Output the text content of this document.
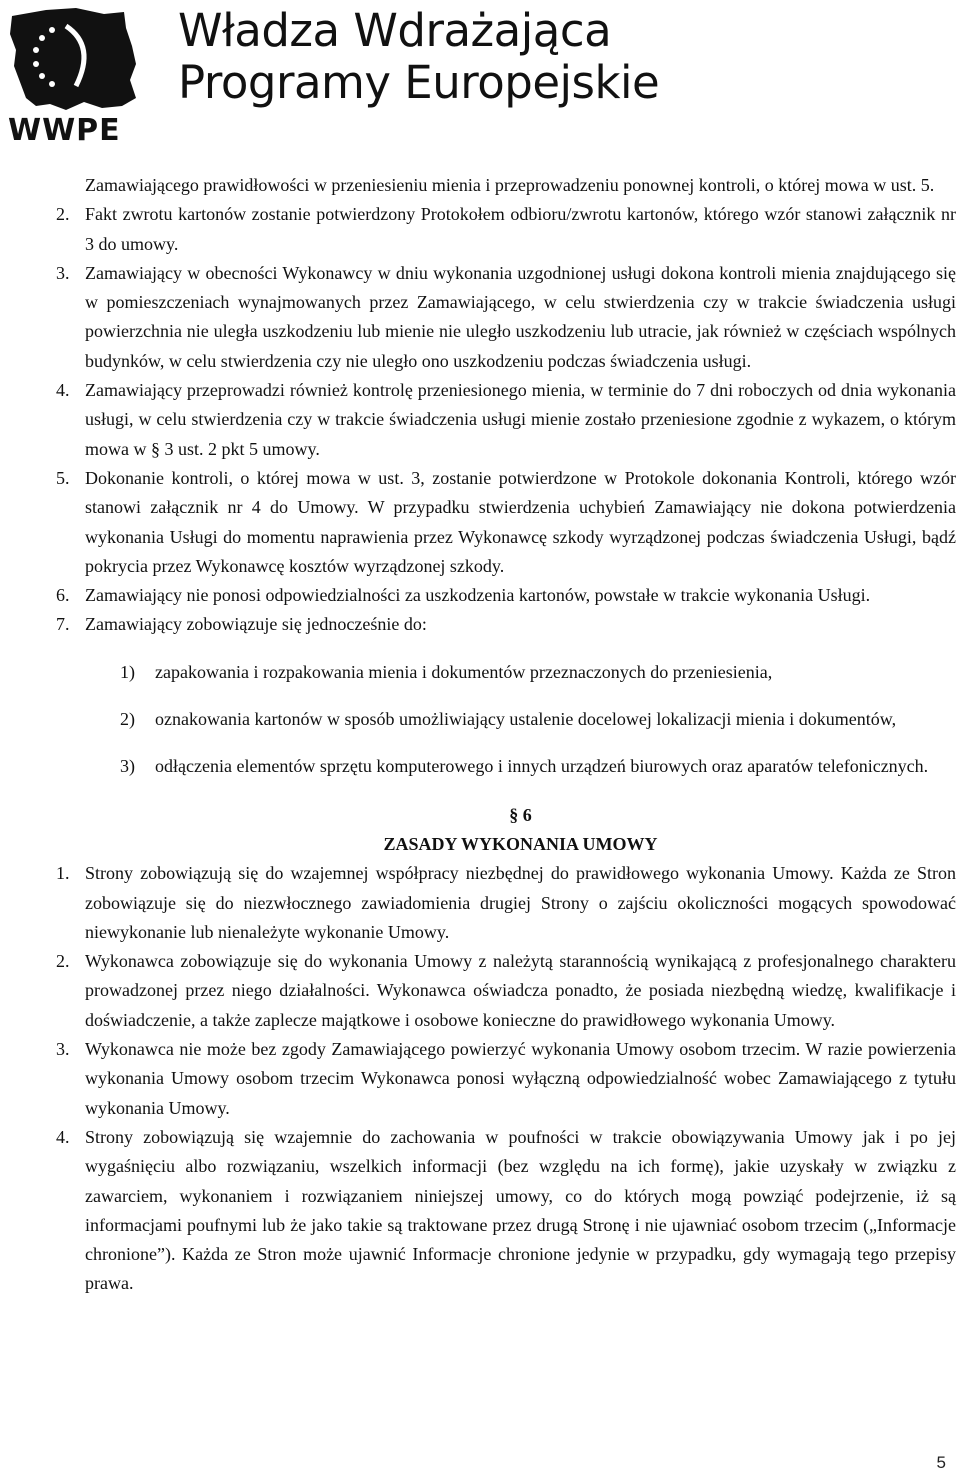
WWPE
Władza Wdrażająca
Programy Europejskie

Zamawiającego prawidłowości w przeniesieniu mienia i przeprowadzeniu ponownej kontroli, o której mowa w ust. 5.

2. Fakt zwrotu kartonów zostanie potwierdzony Protokołem odbioru/zwrotu kartonów, którego wzór stanowi załącznik nr 3 do umowy.

3. Zamawiający w obecności Wykonawcy w dniu wykonania uzgodnionej usługi dokona kontroli mienia znajdującego się w pomieszczeniach wynajmowanych przez Zamawiającego, w celu stwierdzenia czy w trakcie świadczenia usługi powierzchnia nie uległa uszkodzeniu lub mienie nie uległo uszkodzeniu lub utracie, jak również w częściach wspólnych budynków, w celu stwierdzenia czy nie uległo ono uszkodzeniu podczas świadczenia usługi.

4. Zamawiający przeprowadzi również kontrolę przeniesionego mienia, w terminie do 7 dni roboczych od dnia wykonania usługi, w celu stwierdzenia czy w trakcie świadczenia usługi mienie zostało przeniesione zgodnie z wykazem, o którym mowa w § 3 ust. 2 pkt 5 umowy.

5. Dokonanie kontroli, o której mowa w ust. 3, zostanie potwierdzone w Protokole dokonania Kontroli, którego wzór stanowi załącznik nr 4 do Umowy. W przypadku stwierdzenia uchybień Zamawiający nie dokona potwierdzenia wykonania Usługi do momentu naprawienia przez Wykonawcę szkody wyrządzonej podczas świadczenia Usługi, bądź pokrycia przez Wykonawcę kosztów wyrządzonej szkody.

6. Zamawiający nie ponosi odpowiedzialności za uszkodzenia kartonów, powstałe w trakcie wykonania Usługi.

7. Zamawiający zobowiązuje się jednocześnie do:

1) zapakowania i rozpakowania mienia i dokumentów przeznaczonych do przeniesienia,

2) oznakowania kartonów w sposób umożliwiający ustalenie docelowej lokalizacji mienia i dokumentów,

3) odłączenia elementów sprzętu komputerowego i innych urządzeń biurowych oraz aparatów telefonicznych.

§ 6

ZASADY WYKONANIA UMOWY

1. Strony zobowiązują się do wzajemnej współpracy niezbędnej do prawidłowego wykonania Umowy. Każda ze Stron zobowiązuje się do niezwłocznego zawiadomienia drugiej Strony o zajściu okoliczności mogących spowodować niewykonanie lub nienależyte wykonanie Umowy.

2. Wykonawca zobowiązuje się do wykonania Umowy z należytą starannością wynikającą z profesjonalnego charakteru prowadzonej przez niego działalności. Wykonawca oświadcza ponadto, że posiada niezbędną wiedzę, kwalifikacje i doświadczenie, a także zaplecze majątkowe i osobowe konieczne do prawidłowego wykonania Umowy.

3. Wykonawca nie może bez zgody Zamawiającego powierzyć wykonania Umowy osobom trzecim. W razie powierzenia wykonania Umowy osobom trzecim Wykonawca ponosi wyłączną odpowiedzialność wobec Zamawiającego z tytułu wykonania Umowy.

4. Strony zobowiązują się wzajemnie do zachowania w poufności w trakcie obowiązywania Umowy jak i po jej wygaśnięciu albo rozwiązaniu, wszelkich informacji (bez względu na ich formę), jakie uzyskały w związku z zawarciem, wykonaniem i rozwiązaniem niniejszej umowy, co do których mogą powziąć podejrzenie, iż są informacjami poufnymi lub że jako takie są traktowane przez drugą Stronę i nie ujawniać osobom trzecim („Informacje chronione”). Każda ze Stron może ujawnić Informacje chronione jedynie w przypadku, gdy wymagają tego przepisy prawa.

5
